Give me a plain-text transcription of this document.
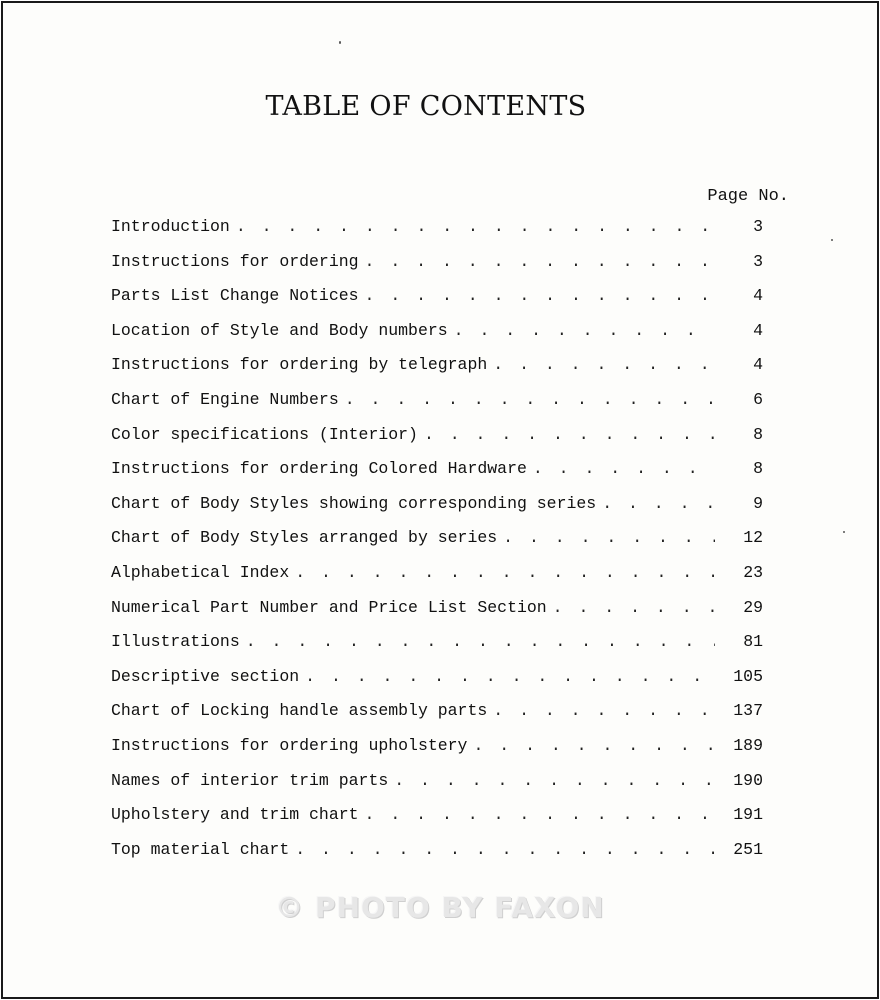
TABLE OF CONTENTS
Page No.
Introduction . . .	3
Instructions for ordering . . .	3
Parts List Change Notices . . .	4
Location of Style and Body numbers . . .	4
Instructions for ordering by telegraph . . .	4
Chart of Engine Numbers . . .	6
Color specifications (Interior) . . .	8
Instructions for ordering Colored Hardware . . .	8
Chart of Body Styles showing corresponding series . . .	9
Chart of Body Styles arranged by series . . .	12
Alphabetical Index . . .	23
Numerical Part Number and Price List Section . . .	29
Illustrations . . .	81
Descriptive section . . .	105
Chart of Locking handle assembly parts . . .	137
Instructions for ordering upholstery . . .	189
Names of interior trim parts . . .	190
Upholstery and trim chart . . .	191
Top material chart . . .	251
© PHOTO BY FAXON
